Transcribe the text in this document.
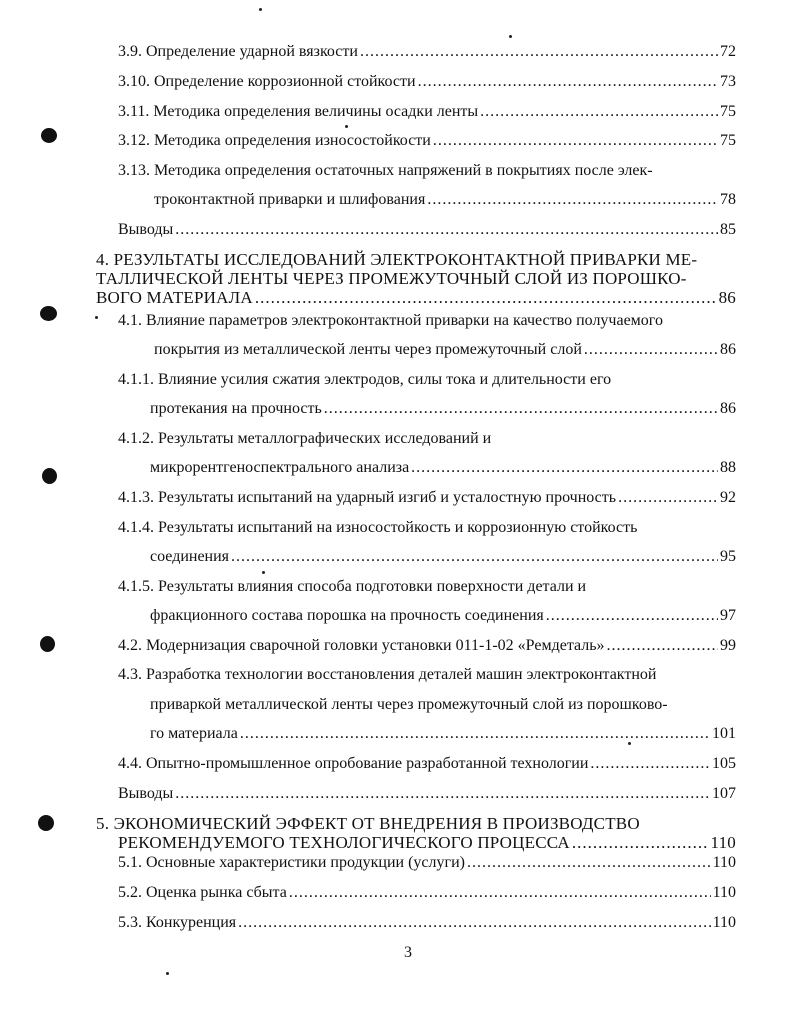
3.9. Определение ударной вязкости .....	72
3.10. Определение коррозионной стойкости .....	73
3.11. Методика определения величины осадки ленты .....	75
3.12. Методика определения износостойкости .....	75
3.13. Методика определения остаточных напряжений в покрытиях после элек-
троконтактной приварки и шлифования .....	78
Выводы .....	85
4. РЕЗУЛЬТАТЫ ИССЛЕДОВАНИЙ ЭЛЕКТРОКОНТАКТНОЙ ПРИВАРКИ МЕ-
ТАЛЛИЧЕСКОЙ ЛЕНТЫ ЧЕРЕЗ ПРОМЕЖУТОЧНЫЙ СЛОЙ ИЗ ПОРОШКО-
ВОГО МАТЕРИАЛА .....	86
4.1. Влияние параметров электроконтактной приварки на качество получаемого
покрытия из металлической ленты через промежуточный слой .....	86
4.1.1. Влияние усилия сжатия электродов, силы тока и длительности его
протекания на прочность .....	86
4.1.2. Результаты металлографических исследований и
микрорентгеноспектрального анализа .....	88
4.1.3. Результаты испытаний на ударный изгиб и усталостную прочность .....	92
4.1.4. Результаты испытаний на износостойкость и коррозионную стойкость
соединения .....	95
4.1.5. Результаты влияния способа подготовки поверхности детали и
фракционного состава порошка на прочность соединения .....	97
4.2. Модернизация сварочной головки установки 011-1-02 «Ремдеталь» .....	99
4.3. Разработка технологии восстановления деталей машин электроконтактной
приваркой металлической ленты через промежуточный слой из порошково-
го материала .....	101
4.4. Опытно-промышленное опробование разработанной технологии .....	105
Выводы .....	107
5. ЭКОНОМИЧЕСКИЙ ЭФФЕКТ ОТ ВНЕДРЕНИЯ В ПРОИЗВОДСТВО
РЕКОМЕНДУЕМОГО ТЕХНОЛОГИЧЕСКОГО ПРОЦЕССА .....	110
5.1. Основные характеристики продукции (услуги) .....	110
5.2. Оценка рынка сбыта .....	110
5.3. Конкуренция .....	110
3
